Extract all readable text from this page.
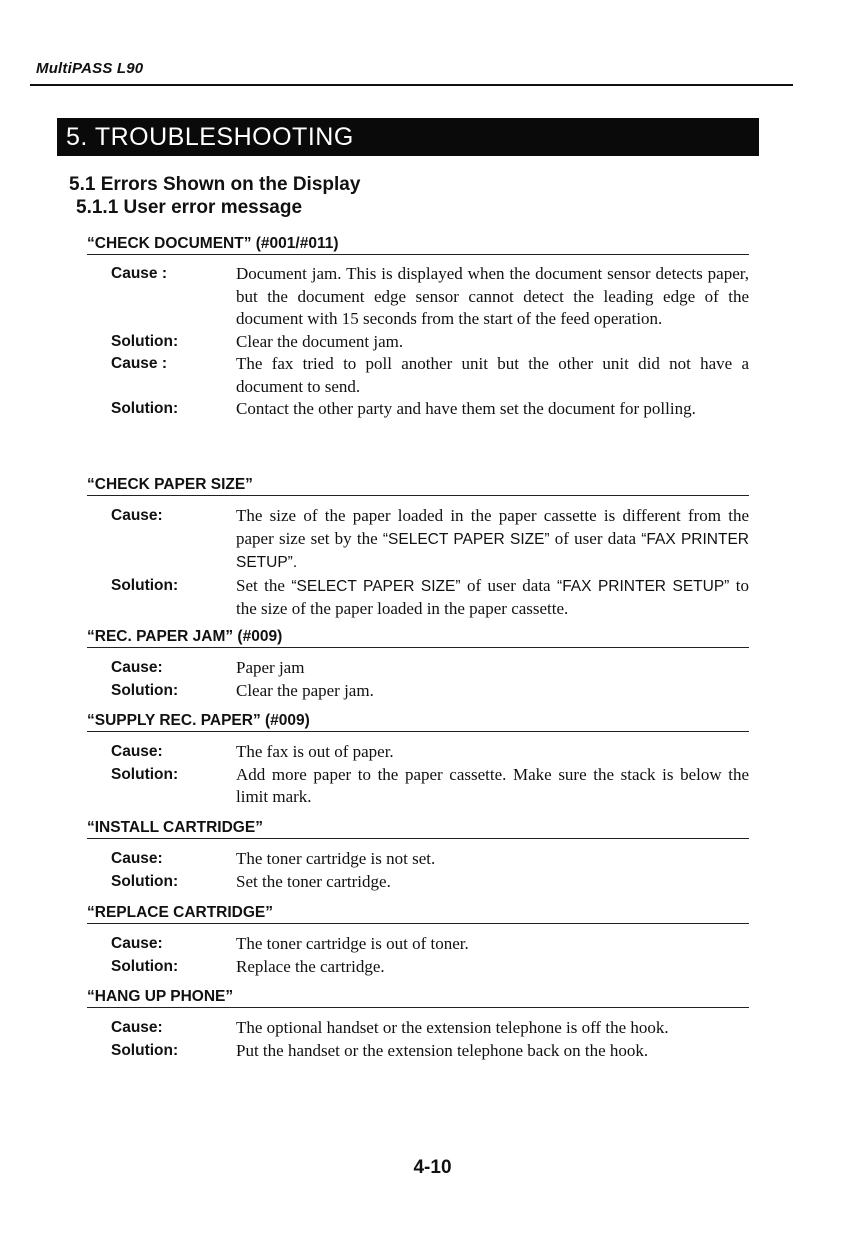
MultiPASS L90
5. TROUBLESHOOTING
5.1 Errors Shown on the Display
5.1.1 User error message
“CHECK DOCUMENT” (#001/#011)
Cause :	Document jam. This is displayed when the document sensor detects paper, but the document edge sensor cannot detect the leading edge of the document with 15 seconds from the start of the feed operation.
Solution:	Clear the document jam.
Cause :	The fax tried to poll another unit but the other unit did not have a document to send.
Solution:	Contact the other party and have them set the document for polling.
“CHECK PAPER SIZE”
Cause:	The size of the paper loaded in the paper cassette is different from the paper size set by the “SELECT PAPER SIZE” of user data “FAX PRINTER SETUP”.
Solution:	Set the “SELECT PAPER SIZE” of user data “FAX PRINTER SETUP” to the size of the paper loaded in the paper cassette.
“REC. PAPER JAM” (#009)
Cause:	Paper jam
Solution:	Clear the paper jam.
“SUPPLY REC. PAPER” (#009)
Cause:	The fax is out of paper.
Solution:	Add more paper to the paper cassette. Make sure the stack is below the limit mark.
“INSTALL CARTRIDGE”
Cause:	The toner cartridge is not set.
Solution:	Set the toner cartridge.
“REPLACE CARTRIDGE”
Cause:	The toner cartridge is out of toner.
Solution:	Replace the cartridge.
“HANG UP PHONE”
Cause:	The optional handset or the extension telephone is off the hook.
Solution:	Put the handset or the extension telephone back on the hook.
4-10
